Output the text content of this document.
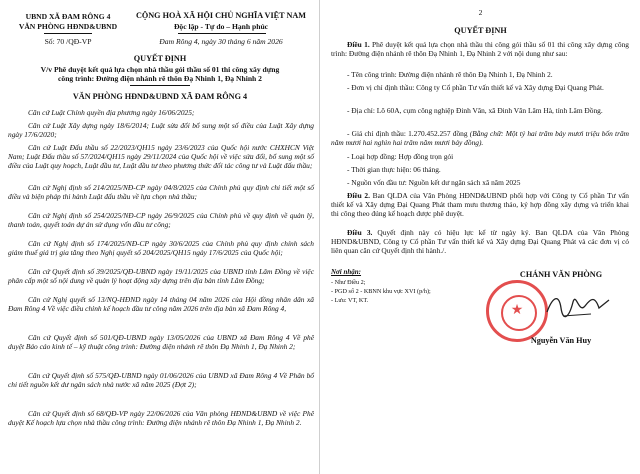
UBND XÃ ĐAM RÔNG 4
VĂN PHÒNG HĐND&UBND
Số: 70 /QĐ-VP
CỘNG HOÀ XÃ HỘI CHỦ NGHĨA VIỆT NAM
Độc lập - Tự do – Hạnh phúc
Đam Rông 4, ngày 30 tháng 6 năm 2026
QUYẾT ĐỊNH
V/v Phê duyệt kết quả lựa chọn nhà thầu gói thầu số 01 thi công xây dựng
công trình: Đường điện nhánh rẽ thôn Đạ Nhinh 1, Đạ Nhinh 2
VĂN PHÒNG HĐND&UBND XÃ ĐAM RÔNG 4
Căn cứ Luật Chính quyền địa phương ngày 16/06/2025;
Căn cứ Luật Xây dựng ngày 18/6/2014; Luật sửa đổi bổ sung một số điều của Luật Xây dựng ngày 17/6/2020;
Căn cứ Luật Đấu thầu số 22/2023/QH15 ngày 23/6/2023 của Quốc hội nước CHXHCN Việt Nam; Luật Đấu thầu số 57/2024/QH15 ngày 29/11/2024 của Quốc hội về việc sửa đổi, bổ sung một số điều của Luật quy hoạch, Luật đầu tư, Luật đầu tư theo phương thức đối tác công tư và Luật đấu thầu;
Căn cứ Nghị định số 214/2025/NĐ-CP ngày 04/8/2025 của Chính phủ quy định chi tiết một số điều và biện pháp thi hành Luật đấu thầu về lựa chọn nhà thầu;
Căn cứ Nghị định số 254/2025/NĐ-CP ngày 26/9/2025 của Chính phủ về quy định về quản lý, thanh toán, quyết toán dự án sử dụng vốn đầu tư công;
Căn cứ Nghị định số 174/2025/NĐ-CP ngày 30/6/2025 của Chính phủ quy định chính sách giảm thuế giá trị gia tăng theo Nghị quyết số 204/2025/QH15 ngày 17/6/2025 của Quốc hội;
Căn cứ Quyết định số 39/2025/QĐ-UBND ngày 19/11/2025 của UBND tỉnh Lâm Đồng về việc phân cấp một số nội dung về quản lý hoạt động xây dựng trên địa bàn tỉnh Lâm Đồng;
Căn cứ Nghị quyết số 13/NQ-HĐND ngày 14 tháng 04 năm 2026 của Hội đồng nhân dân xã Đam Rông 4 Về việc điều chỉnh kế hoạch đầu tư công năm 2026 trên địa bàn xã Đam Rông 4,
Căn cứ Quyết định số 501/QĐ-UBND ngày 13/05/2026 của UBND xã Đam Rông 4 Về phê duyệt Báo cáo kinh tế – kỹ thuật công trình: Đường điện nhánh rẽ thôn Đạ Nhinh 1, Đạ Nhinh 2;
Căn cứ Quyết định số 575/QĐ-UBND ngày 01/06/2026 của UBND xã Đam Rông 4 Về Phân bổ chi tiết nguồn kết dư ngân sách nhà nước xã năm 2025 (Đợt 2);
Căn cứ Quyết định số 68/QĐ-VP ngày 22/06/2026 của Văn phòng HĐND&UBND về việc Phê duyệt Kế hoạch lựa chọn nhà thầu công trình: Đường điện nhánh rẽ thôn Đạ Nhinh 1, Đạ Nhinh 2.
2
QUYẾT ĐỊNH
Điều 1. Phê duyệt kết quả lựa chọn nhà thầu thi công gói thầu số 01 thi công xây dựng công trình: Đường điện nhánh rẽ thôn Đạ Nhinh 1, Đạ Nhinh 2 với nội dung như sau:
- Tên công trình: Đường điện nhánh rẽ thôn Đạ Nhinh 1, Đạ Nhinh 2.
- Đơn vị chỉ định thầu: Công ty Cổ phần Tư vấn thiết kế và Xây dựng Đại Quang Phát.
- Địa chỉ: Lô 60A, cụm công nghiệp Đinh Văn, xã Đinh Văn Lâm Hà, tỉnh Lâm Đồng.
- Giá chỉ định thầu: 1.270.452.257 đồng (Bằng chữ: Một tỷ hai trăm bảy mươi triệu bốn trăm năm mươi hai nghìn hai trăm năm mươi bảy đồng).
- Loại hợp đồng: Hợp đồng trọn gói
- Thời gian thực hiện: 06 tháng.
- Nguồn vốn đầu tư: Nguồn kết dư ngân sách xã năm 2025
Điều 2. Ban QLDA của Văn Phòng HĐND&UBND phối hợp với Công ty Cổ phần Tư vấn thiết kế và Xây dựng Đại Quang Phát tham mưu thương thảo, ký hợp đồng xây dựng và triển khai thi công theo đúng kế hoạch được phê duyệt.
Điều 3. Quyết định này có hiệu lực kể từ ngày ký. Ban QLDA của Văn Phòng HĐND&UBND, Công ty Cổ phần Tư vấn thiết kế và Xây dựng Đại Quang Phát và các đơn vị có liên quan căn cứ Quyết định thi hành./.
Nơi nhận:
- Như Điều 2;
- PGD số 2 - KBNN khu vực XVI (p/h);
- Lưu: VT, KT.
CHÁNH VĂN PHÒNG
★
Nguyễn Văn Huy
